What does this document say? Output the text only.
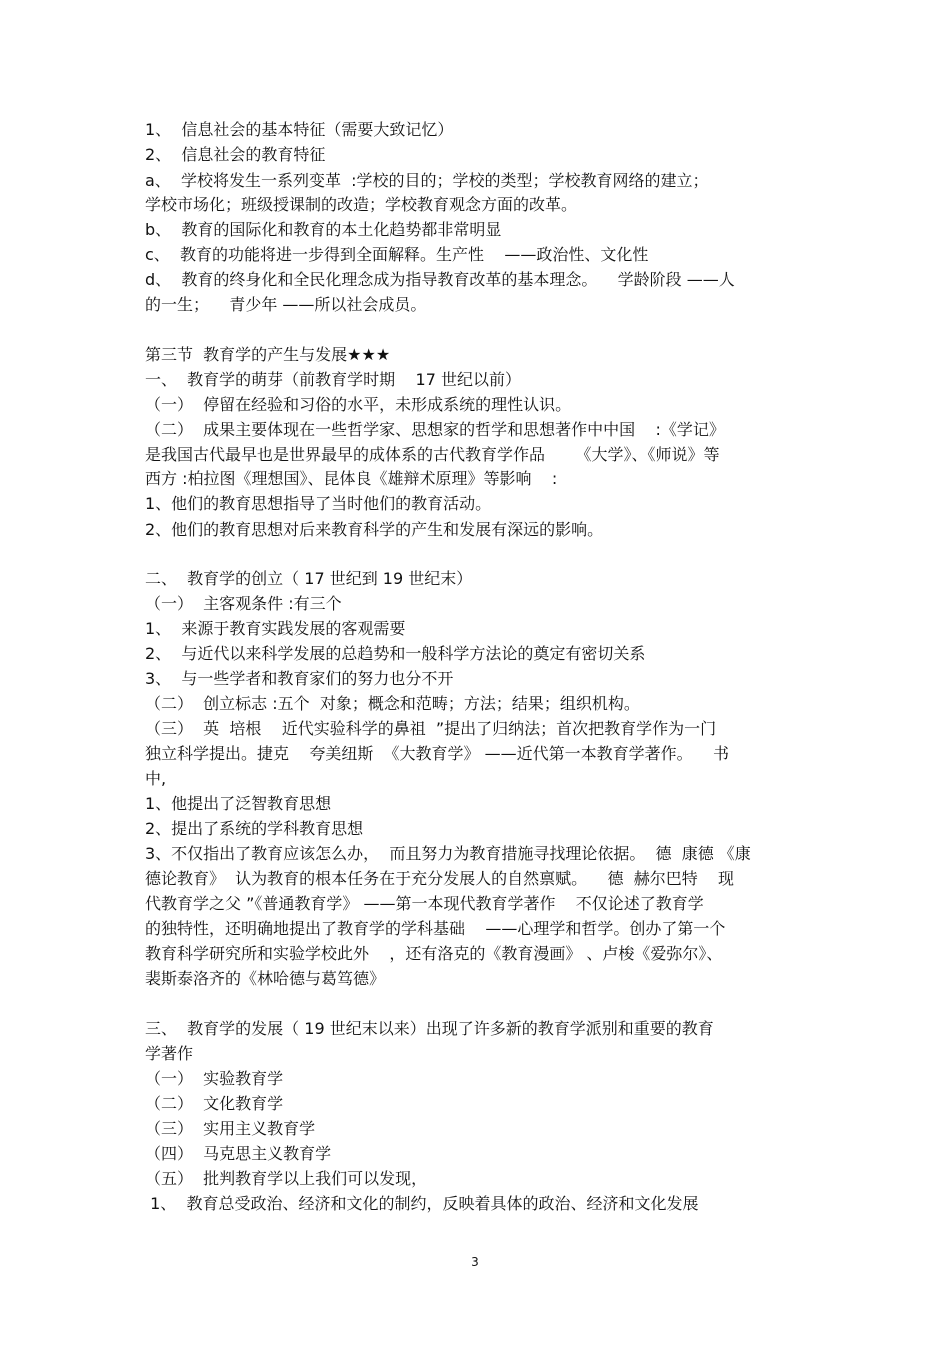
1、  信息社会的基本特征（需要大致记忆）
2、  信息社会的教育特征
a、  学校将发生一系列变革  :学校的目的；学校的类型；学校教育网络的建立；
学校市场化；班级授课制的改造；学校教育观念方面的改革。
b、  教育的国际化和教育的本土化趋势都非常明显
c、  教育的功能将进一步得到全面解释。生产性    ——政治性、文化性
d、  教育的终身化和全民化理念成为指导教育改革的基本理念。    学龄阶段 ——人
的一生；    青少年 ——所以社会成员。
第三节  教育学的产生与发展★★★
一、  教育学的萌芽（前教育学时期    17 世纪以前）
（一）  停留在经验和习俗的水平，未形成系统的理性认识。
（二）  成果主要体现在一些哲学家、思想家的哲学和思想著作中中国    :《学记》
是我国古代最早也是世界最早的成体系的古代教育学作品      《大学》、《师说》等
西方 :柏拉图《理想国》、昆体良《雄辩术原理》等影响    :
1、他们的教育思想指导了当时他们的教育活动。
2、他们的教育思想对后来教育科学的产生和发展有深远的影响。
二、  教育学的创立（ 17 世纪到 19 世纪末）
（一）  主客观条件 :有三个
1、  来源于教育实践发展的客观需要
2、  与近代以来科学发展的总趋势和一般科学方法论的奠定有密切关系
3、  与一些学者和教育家们的努力也分不开
（二）  创立标志 :五个  对象；概念和范畴；方法；结果；组织机构。
（三）  英  培根    近代实验科学的鼻祖  ”提出了归纳法；首次把教育学作为一门
独立科学提出。捷克    夸美纽斯  《大教育学》 ——近代第一本教育学著作。    书
中,
1、他提出了泛智教育思想
2、提出了系统的学科教育思想
3、不仅指出了教育应该怎么办，  而且努力为教育措施寻找理论依据。  德  康德 《康
德论教育》  认为教育的根本任务在于充分发展人的自然禀赋。    德  赫尔巴特    现
代教育学之父 ”《普通教育学》 ——第一本现代教育学著作    不仅论述了教育学
的独特性，还明确地提出了教育学的学科基础    ——心理学和哲学。创办了第一个
教育科学研究所和实验学校此外    ，还有洛克的《教育漫画》 、卢梭《爱弥尔》、
裴斯泰洛齐的《林哈德与葛笃德》
三、  教育学的发展（ 19 世纪末以来）出现了许多新的教育学派别和重要的教育
学著作
（一）  实验教育学
（二）  文化教育学
（三）  实用主义教育学
（四）  马克思主义教育学
（五）  批判教育学以上我们可以发现，
1、  教育总受政治、经济和文化的制约，反映着具体的政治、经济和文化发展
3
